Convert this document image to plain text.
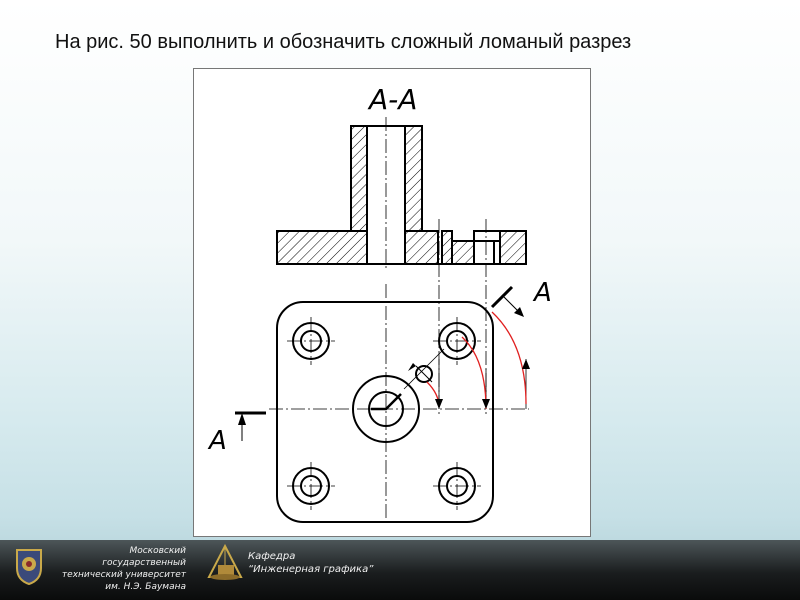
На рис. 50 выполнить и обозначить сложный ломаный разрез
А-А
А
А
Московский государственный
технический университет
им. Н.Э. Баумана
Кафедра
“Инженерная графика”
